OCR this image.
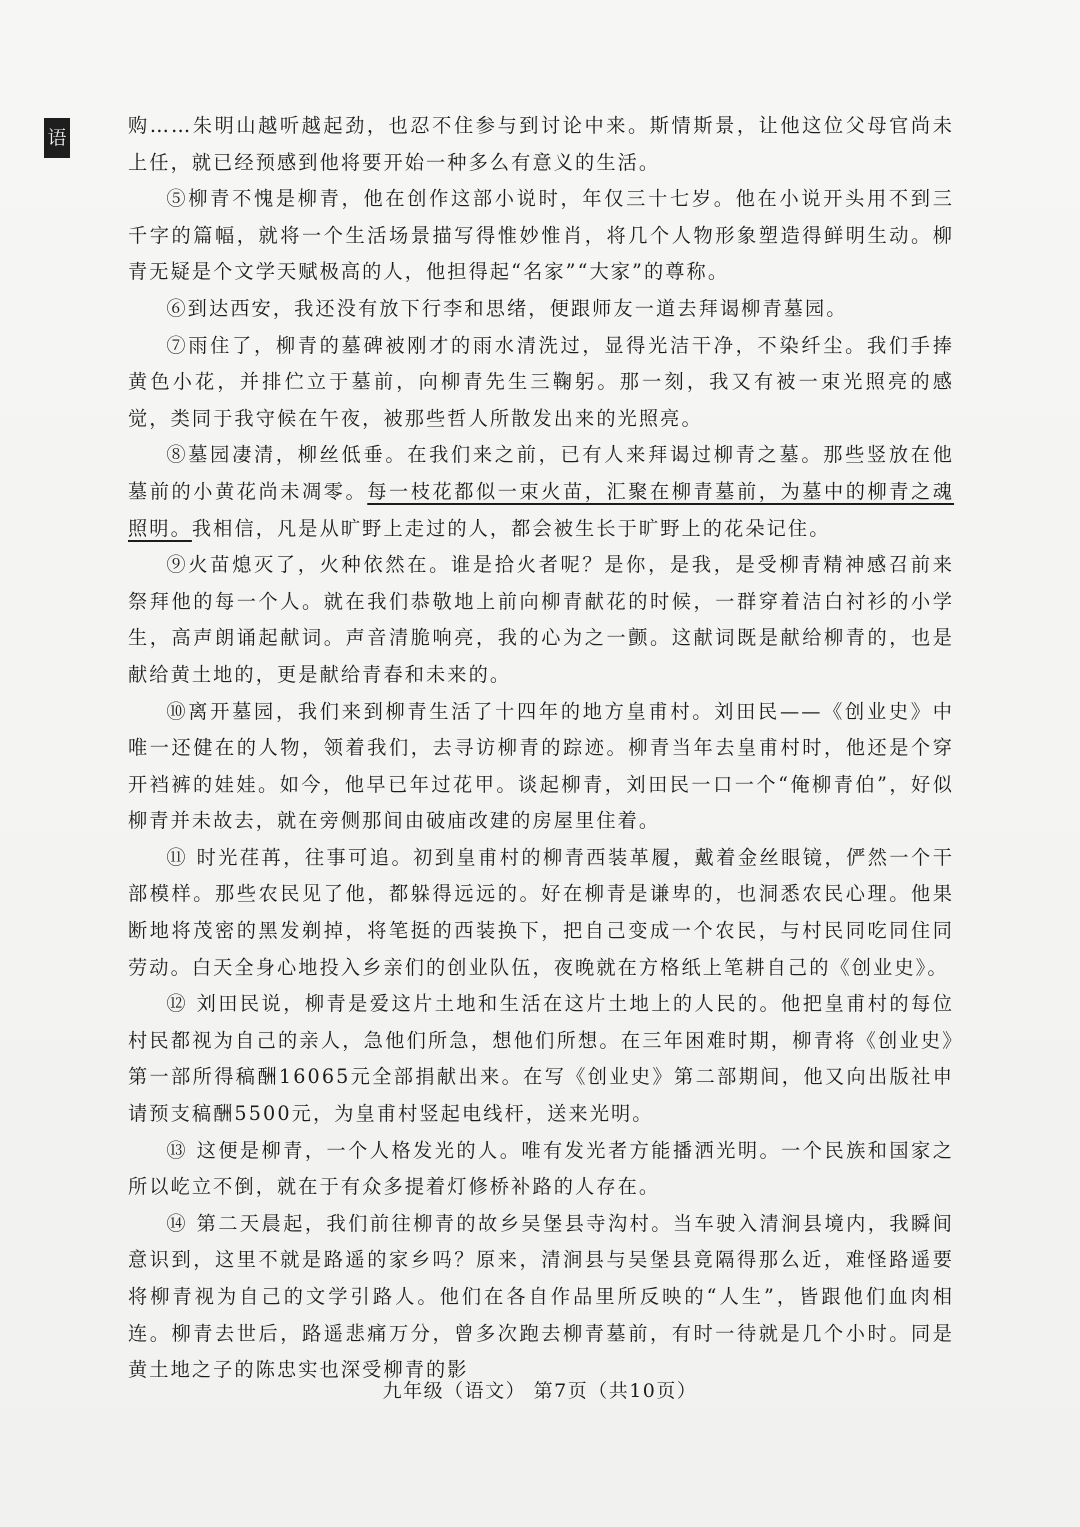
语

购……朱明山越听越起劲，也忍不住参与到讨论中来。斯情斯景，让他这位父母官尚未上任，就已经预感到他将要开始一种多么有意义的生活。

⑤柳青不愧是柳青，他在创作这部小说时，年仅三十七岁。他在小说开头用不到三千字的篇幅，就将一个生活场景描写得惟妙惟肖，将几个人物形象塑造得鲜明生动。柳青无疑是个文学天赋极高的人，他担得起“名家”“大家”的尊称。

⑥到达西安，我还没有放下行李和思绪，便跟师友一道去拜谒柳青墓园。

⑦雨住了，柳青的墓碑被刚才的雨水清洗过，显得光洁干净，不染纤尘。我们手捧黄色小花，并排伫立于墓前，向柳青先生三鞠躬。那一刻，我又有被一束光照亮的感觉，类同于我守候在午夜，被那些哲人所散发出来的光照亮。

⑧墓园凄清，柳丝低垂。在我们来之前，已有人来拜谒过柳青之墓。那些竖放在他墓前的小黄花尚未凋零。每一枝花都似一束火苗，汇聚在柳青墓前，为墓中的柳青之魂照明。我相信，凡是从旷野上走过的人，都会被生长于旷野上的花朵记住。

⑨火苗熄灭了，火种依然在。谁是拾火者呢？是你，是我，是受柳青精神感召前来祭拜他的每一个人。就在我们恭敬地上前向柳青献花的时候，一群穿着洁白衬衫的小学生，高声朗诵起献词。声音清脆响亮，我的心为之一颤。这献词既是献给柳青的，也是献给黄土地的，更是献给青春和未来的。

⑩离开墓园，我们来到柳青生活了十四年的地方皇甫村。刘田民——《创业史》中唯一还健在的人物，领着我们，去寻访柳青的踪迹。柳青当年去皇甫村时，他还是个穿开裆裤的娃娃。如今，他早已年过花甲。谈起柳青，刘田民一口一个“俺柳青伯”，好似柳青并未故去，就在旁侧那间由破庙改建的房屋里住着。

⑪ 时光荏苒，往事可追。初到皇甫村的柳青西装革履，戴着金丝眼镜，俨然一个干部模样。那些农民见了他，都躲得远远的。好在柳青是谦卑的，也洞悉农民心理。他果断地将茂密的黑发剃掉，将笔挺的西装换下，把自己变成一个农民，与村民同吃同住同劳动。白天全身心地投入乡亲们的创业队伍，夜晚就在方格纸上笔耕自己的《创业史》。

⑫ 刘田民说，柳青是爱这片土地和生活在这片土地上的人民的。他把皇甫村的每位村民都视为自己的亲人，急他们所急，想他们所想。在三年困难时期，柳青将《创业史》第一部所得稿酬16065元全部捐献出来。在写《创业史》第二部期间，他又向出版社申请预支稿酬5500元，为皇甫村竖起电线杆，送来光明。

⑬ 这便是柳青，一个人格发光的人。唯有发光者方能播洒光明。一个民族和国家之所以屹立不倒，就在于有众多提着灯修桥补路的人存在。

⑭ 第二天晨起，我们前往柳青的故乡吴堡县寺沟村。当车驶入清涧县境内，我瞬间意识到，这里不就是路遥的家乡吗？原来，清涧县与吴堡县竟隔得那么近，难怪路遥要将柳青视为自己的文学引路人。他们在各自作品里所反映的“人生”，皆跟他们血肉相连。柳青去世后，路遥悲痛万分，曾多次跑去柳青墓前，有时一待就是几个小时。同是黄土地之子的陈忠实也深受柳青的影

九年级（语文） 第7页（共10页）
